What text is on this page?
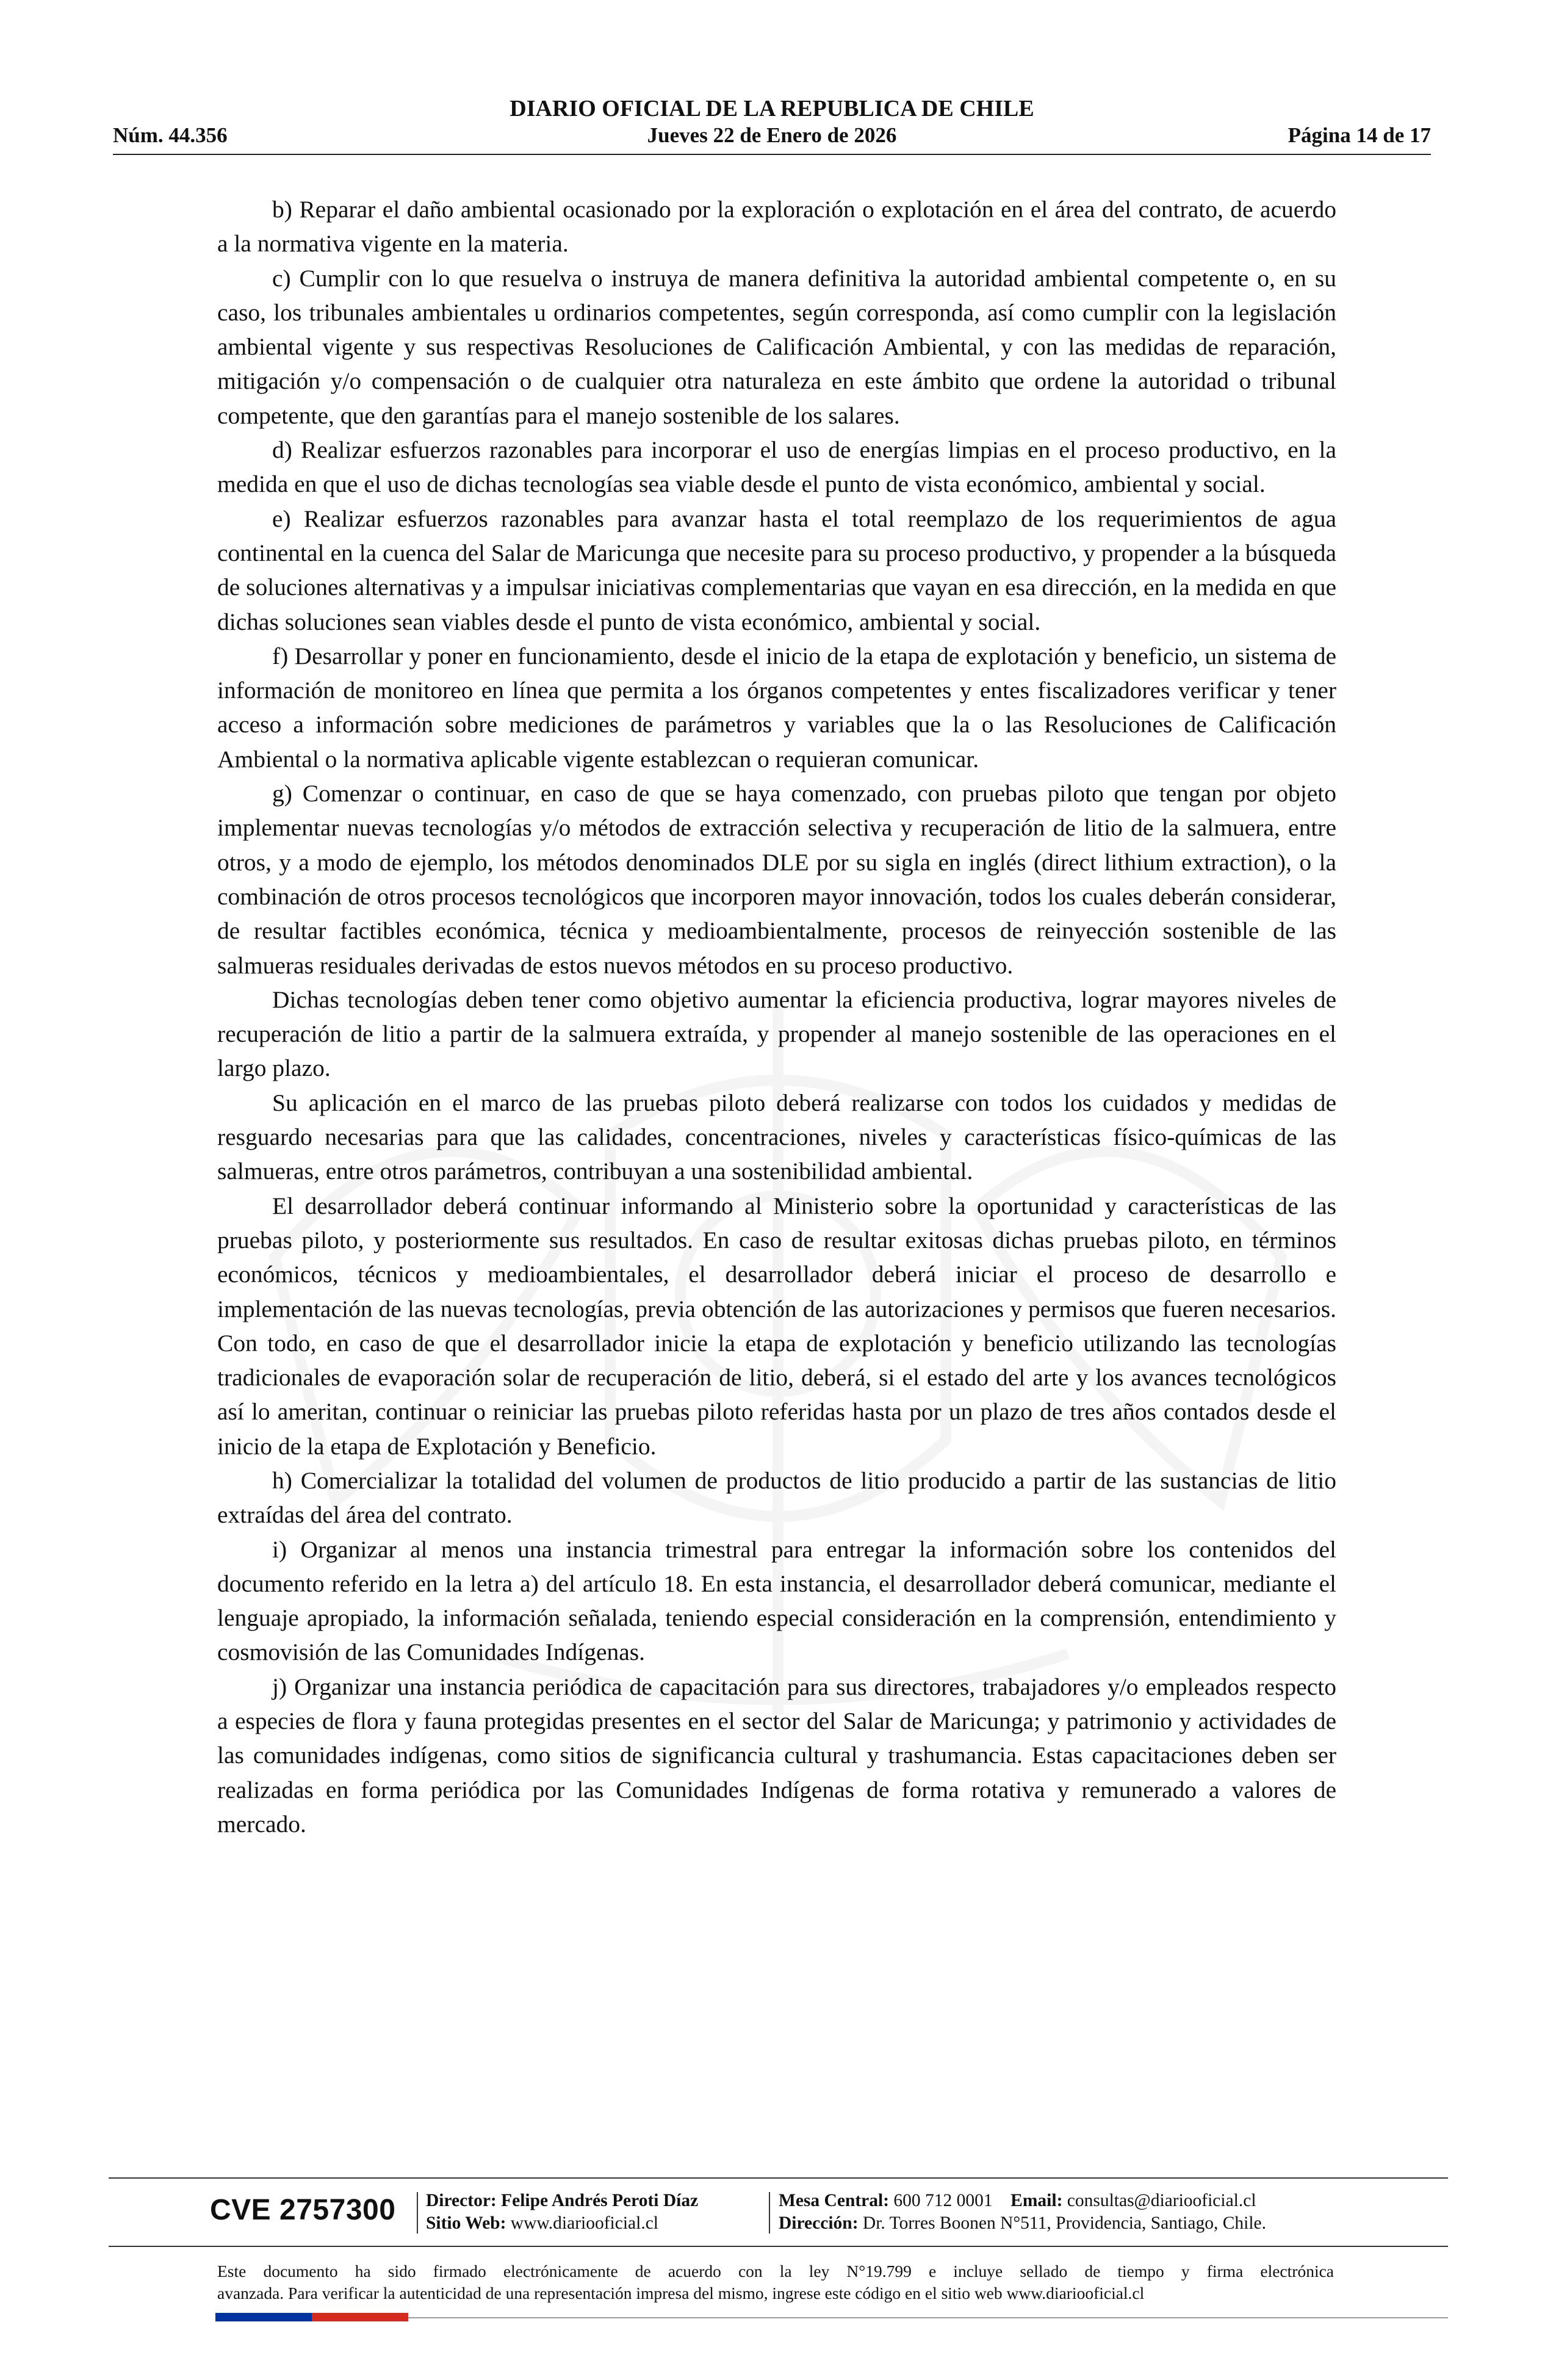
DIARIO OFICIAL DE LA REPUBLICA DE CHILE
Núm. 44.356	Jueves 22 de Enero de 2026	Página 14 de 17

b) Reparar el daño ambiental ocasionado por la exploración o explotación en el área del contrato, de acuerdo a la normativa vigente en la materia.

c) Cumplir con lo que resuelva o instruya de manera definitiva la autoridad ambiental competente o, en su caso, los tribunales ambientales u ordinarios competentes, según corresponda, así como cumplir con la legislación ambiental vigente y sus respectivas Resoluciones de Calificación Ambiental, y con las medidas de reparación, mitigación y/o compensación o de cualquier otra naturaleza en este ámbito que ordene la autoridad o tribunal competente, que den garantías para el manejo sostenible de los salares.

d) Realizar esfuerzos razonables para incorporar el uso de energías limpias en el proceso productivo, en la medida en que el uso de dichas tecnologías sea viable desde el punto de vista económico, ambiental y social.

e) Realizar esfuerzos razonables para avanzar hasta el total reemplazo de los requerimientos de agua continental en la cuenca del Salar de Maricunga que necesite para su proceso productivo, y propender a la búsqueda de soluciones alternativas y a impulsar iniciativas complementarias que vayan en esa dirección, en la medida en que dichas soluciones sean viables desde el punto de vista económico, ambiental y social.

f) Desarrollar y poner en funcionamiento, desde el inicio de la etapa de explotación y beneficio, un sistema de información de monitoreo en línea que permita a los órganos competentes y entes fiscalizadores verificar y tener acceso a información sobre mediciones de parámetros y variables que la o las Resoluciones de Calificación Ambiental o la normativa aplicable vigente establezcan o requieran comunicar.

g) Comenzar o continuar, en caso de que se haya comenzado, con pruebas piloto que tengan por objeto implementar nuevas tecnologías y/o métodos de extracción selectiva y recuperación de litio de la salmuera, entre otros, y a modo de ejemplo, los métodos denominados DLE por su sigla en inglés (direct lithium extraction), o la combinación de otros procesos tecnológicos que incorporen mayor innovación, todos los cuales deberán considerar, de resultar factibles económica, técnica y medioambientalmente, procesos de reinyección sostenible de las salmueras residuales derivadas de estos nuevos métodos en su proceso productivo.

Dichas tecnologías deben tener como objetivo aumentar la eficiencia productiva, lograr mayores niveles de recuperación de litio a partir de la salmuera extraída, y propender al manejo sostenible de las operaciones en el largo plazo.

Su aplicación en el marco de las pruebas piloto deberá realizarse con todos los cuidados y medidas de resguardo necesarias para que las calidades, concentraciones, niveles y características físico-químicas de las salmueras, entre otros parámetros, contribuyan a una sostenibilidad ambiental.

El desarrollador deberá continuar informando al Ministerio sobre la oportunidad y características de las pruebas piloto, y posteriormente sus resultados. En caso de resultar exitosas dichas pruebas piloto, en términos económicos, técnicos y medioambientales, el desarrollador deberá iniciar el proceso de desarrollo e implementación de las nuevas tecnologías, previa obtención de las autorizaciones y permisos que fueren necesarios. Con todo, en caso de que el desarrollador inicie la etapa de explotación y beneficio utilizando las tecnologías tradicionales de evaporación solar de recuperación de litio, deberá, si el estado del arte y los avances tecnológicos así lo ameritan, continuar o reiniciar las pruebas piloto referidas hasta por un plazo de tres años contados desde el inicio de la etapa de Explotación y Beneficio.

h) Comercializar la totalidad del volumen de productos de litio producido a partir de las sustancias de litio extraídas del área del contrato.

i) Organizar al menos una instancia trimestral para entregar la información sobre los contenidos del documento referido en la letra a) del artículo 18. En esta instancia, el desarrollador deberá comunicar, mediante el lenguaje apropiado, la información señalada, teniendo especial consideración en la comprensión, entendimiento y cosmovisión de las Comunidades Indígenas.

j) Organizar una instancia periódica de capacitación para sus directores, trabajadores y/o empleados respecto a especies de flora y fauna protegidas presentes en el sector del Salar de Maricunga; y patrimonio y actividades de las comunidades indígenas, como sitios de significancia cultural y trashumancia. Estas capacitaciones deben ser realizadas en forma periódica por las Comunidades Indígenas de forma rotativa y remunerado a valores de mercado.

CVE 2757300 Director: Felipe Andrés Peroti Díaz
Sitio Web: www.diariooficial.cl
Mesa Central: 600 712 0001 Email: consultas@diariooficial.cl
Dirección: Dr. Torres Boonen N°511, Providencia, Santiago, Chile.
Este documento ha sido firmado electrónicamente de acuerdo con la ley N°19.799 e incluye sellado de tiempo y firma electrónica
avanzada. Para verificar la autenticidad de una representación impresa del mismo, ingrese este código en el sitio web www.diariooficial.cl
